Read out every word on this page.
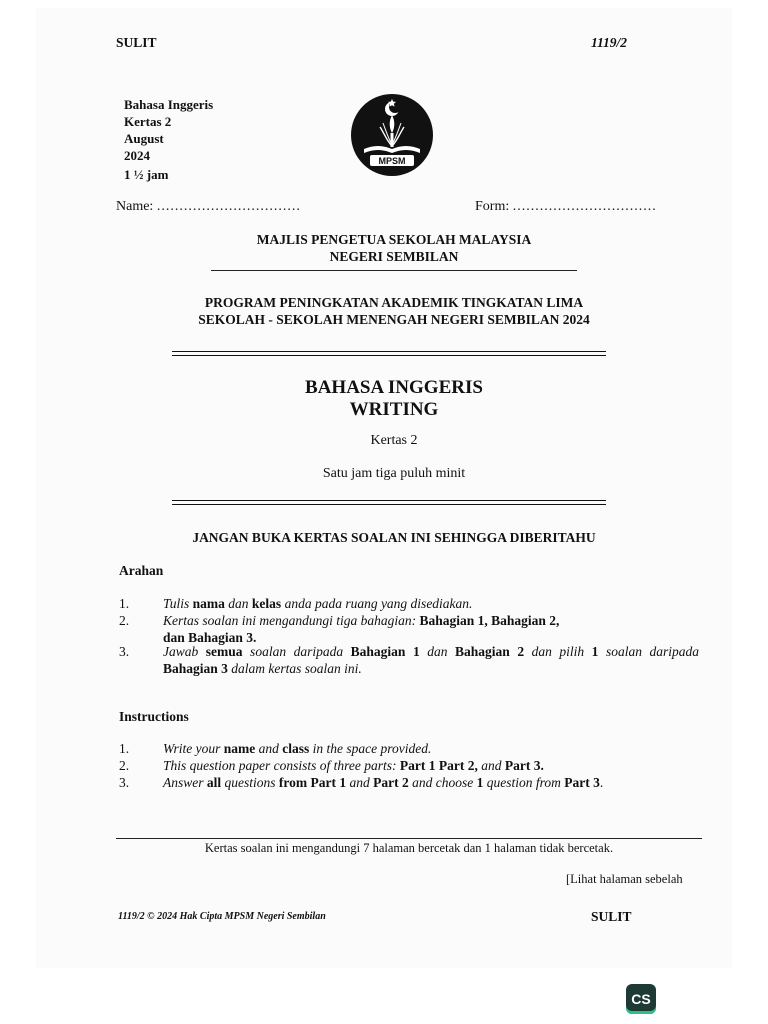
SULIT	1119/2
Bahasa Inggeris
Kertas 2
August
2024
1 ½ jam
MPSM
Name: ................................	Form: ................................
MAJLIS PENGETUA SEKOLAH MALAYSIA
NEGERI SEMBILAN
PROGRAM PENINGKATAN AKADEMIK TINGKATAN LIMA
SEKOLAH - SEKOLAH MENENGAH NEGERI SEMBILAN 2024
BAHASA INGGERIS
WRITING
Kertas 2
Satu jam tiga puluh minit
JANGAN BUKA KERTAS SOALAN INI SEHINGGA DIBERITAHU
Arahan
1.	Tulis nama dan kelas anda pada ruang yang disediakan.
2.	Kertas soalan ini mengandungi tiga bahagian: Bahagian 1, Bahagian 2,
dan Bahagian 3.
3.	Jawab semua soalan daripada Bahagian 1 dan Bahagian 2 dan pilih 1 soalan daripada
Bahagian 3 dalam kertas soalan ini.
Instructions
1.	Write your name and class in the space provided.
2.	This question paper consists of three parts: Part 1 Part 2, and Part 3.
3.	Answer all questions from Part 1 and Part 2 and choose 1 question from Part 3.
Kertas soalan ini mengandungi 7 halaman bercetak dan 1 halaman tidak bercetak.
[Lihat halaman sebelah
1119/2 © 2024 Hak Cipta MPSM Negeri Sembilan	SULIT
CS
